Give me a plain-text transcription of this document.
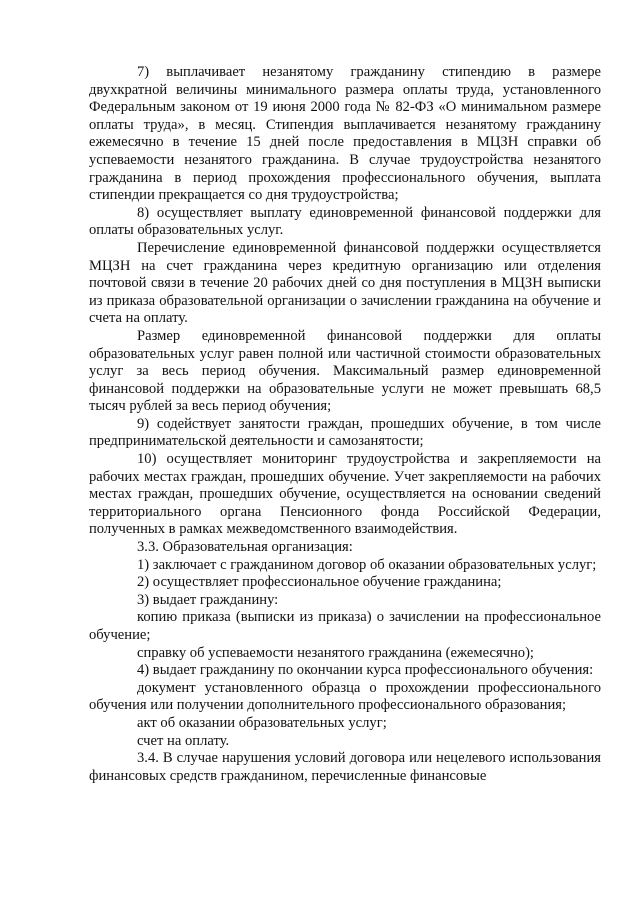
7) выплачивает незанятому гражданину стипендию в размере двухкратной величины минимального размера оплаты труда, установленного Федеральным законом от 19 июня 2000 года № 82-ФЗ «О минимальном размере оплаты труда», в месяц. Стипендия выплачивается незанятому гражданину ежемесячно в течение 15 дней после предоставления в МЦЗН справки об успеваемости незанятого гражданина. В случае трудоустройства незанятого гражданина в период прохождения профессионального обучения, выплата стипендии прекращается со дня трудоустройства;

8) осуществляет выплату единовременной финансовой поддержки для оплаты образовательных услуг.

Перечисление единовременной финансовой поддержки осуществляется МЦЗН на счет гражданина через кредитную организацию или отделения почтовой связи в течение 20 рабочих дней со дня поступления в МЦЗН выписки из приказа образовательной организации о зачислении гражданина на обучение и счета на оплату.

Размер единовременной финансовой поддержки для оплаты образовательных услуг равен полной или частичной стоимости образовательных услуг за весь период обучения. Максимальный размер единовременной финансовой поддержки на образовательные услуги не может превышать 68,5 тысяч рублей за весь период обучения;

9) содействует занятости граждан, прошедших обучение, в том числе предпринимательской деятельности и самозанятости;

10) осуществляет мониторинг трудоустройства и закрепляемости на рабочих местах граждан, прошедших обучение. Учет закрепляемости на рабочих местах граждан, прошедших обучение, осуществляется на основании сведений территориального органа Пенсионного фонда Российской Федерации, полученных в рамках межведомственного взаимодействия.

3.3. Образовательная организация:

1) заключает с гражданином договор об оказании образовательных услуг;

2) осуществляет профессиональное обучение гражданина;

3) выдает гражданину:

копию приказа (выписки из приказа) о зачислении на профессиональное обучение;

справку об успеваемости незанятого гражданина (ежемесячно);

4) выдает гражданину по окончании курса профессионального обучения:

документ установленного образца о прохождении профессионального обучения или получении дополнительного профессионального образования;

акт об оказании образовательных услуг;

счет на оплату.

3.4. В случае нарушения условий договора или нецелевого использования финансовых средств гражданином, перечисленные финансовые
